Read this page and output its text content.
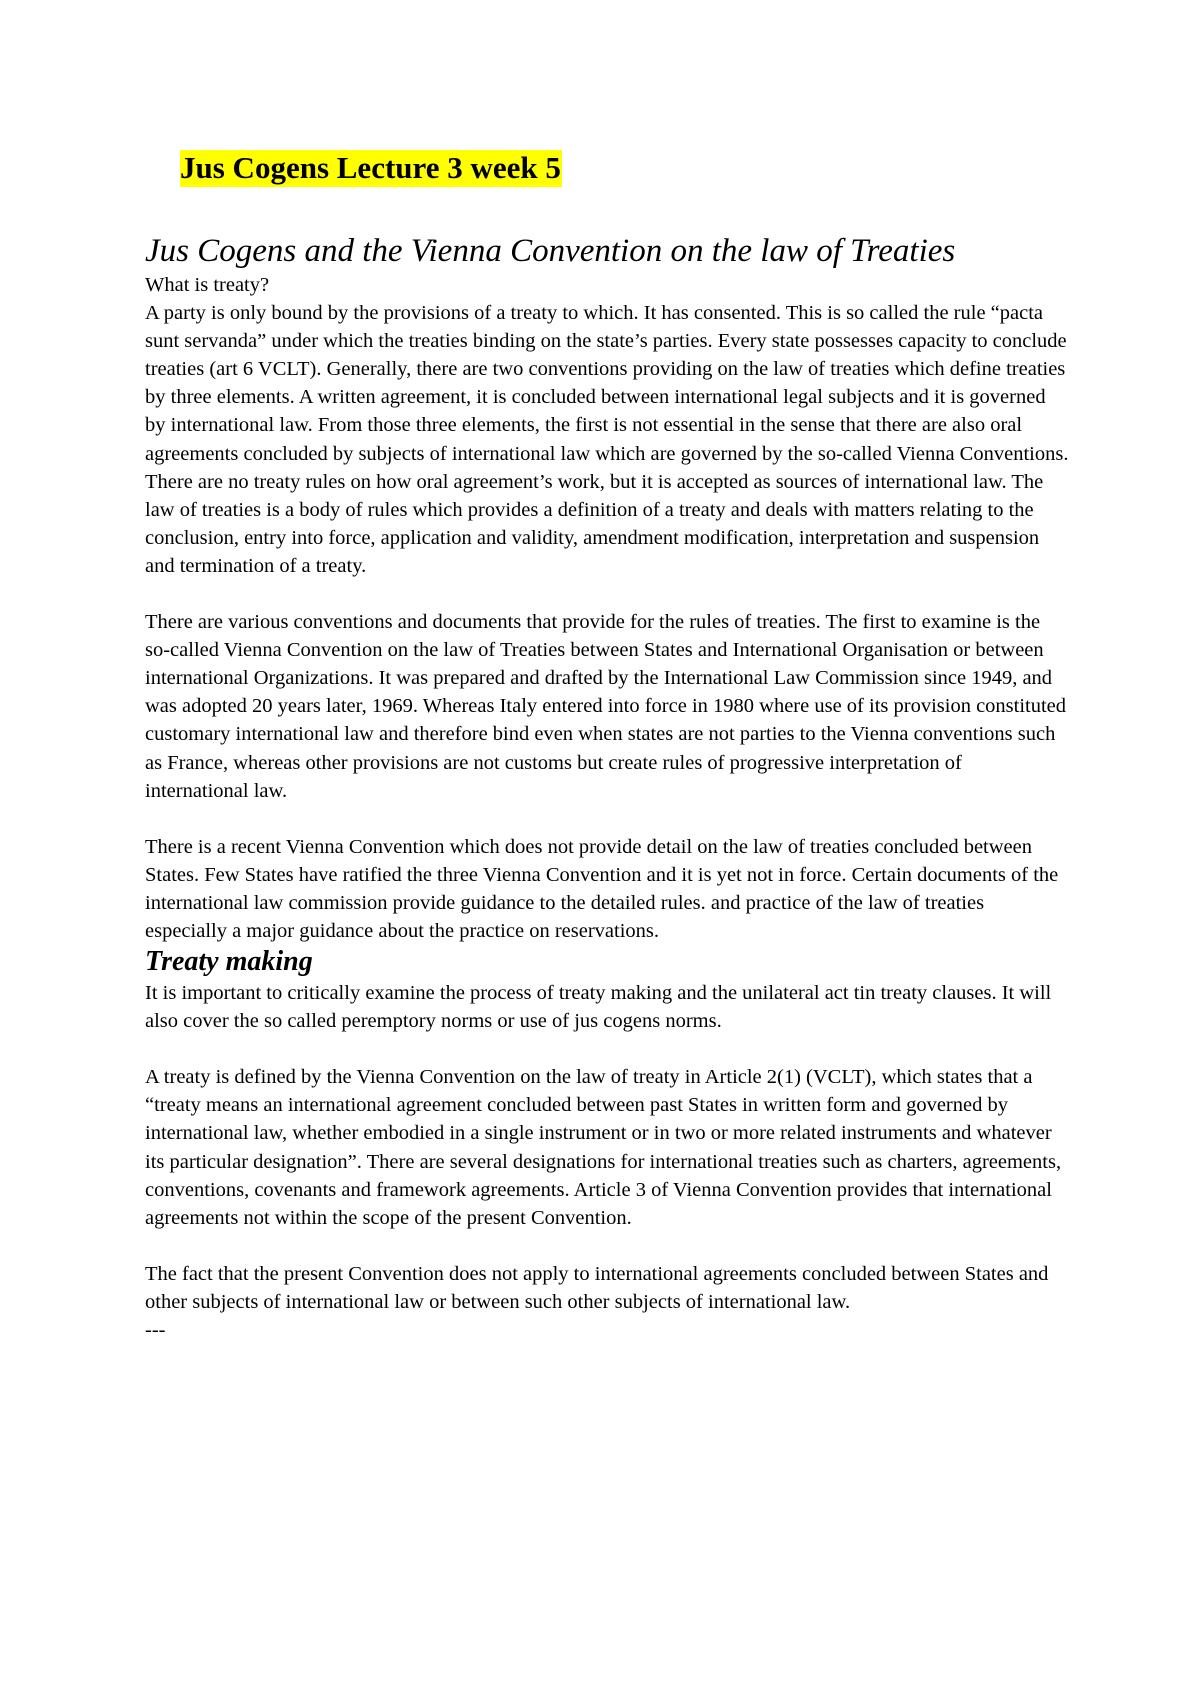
Jus Cogens Lecture 3 week 5
Jus Cogens and the Vienna Convention on the law of Treaties

What is treaty?

A party is only bound by the provisions of a treaty to which. It has consented. This is so called the rule “pacta sunt servanda” under which the treaties binding on the state’s parties. Every state possesses capacity to conclude treaties (art 6 VCLT). Generally, there are two conventions providing on the law of treaties which define treaties by three elements. A written agreement, it is concluded between international legal subjects and it is governed by international law. From those three elements, the first is not essential in the sense that there are also oral agreements concluded by subjects of international law which are governed by the so-called Vienna Conventions. There are no treaty rules on how oral agreement’s work, but it is accepted as sources of international law. The law of treaties is a body of rules which provides a definition of a treaty and deals with matters relating to the conclusion, entry into force, application and validity, amendment modification, interpretation and suspension and termination of a treaty.

There are various conventions and documents that provide for the rules of treaties. The first to examine is the so-called Vienna Convention on the law of Treaties between States and International Organisation or between international Organizations. It was prepared and drafted by the International Law Commission since 1949, and was adopted 20 years later, 1969. Whereas Italy entered into force in 1980 where use of its provision constituted customary international law and therefore bind even when states are not parties to the Vienna conventions such as France, whereas other provisions are not customs but create rules of progressive interpretation of international law.

There is a recent Vienna Convention which does not provide detail on the law of treaties concluded between States. Few States have ratified the three Vienna Convention and it is yet not in force. Certain documents of the international law commission provide guidance to the detailed rules. and practice of the law of treaties especially a major guidance about the practice on reservations.

Treaty making

It is important to critically examine the process of treaty making and the unilateral act tin treaty clauses. It will also cover the so called peremptory norms or use of jus cogens norms.

A treaty is defined by the Vienna Convention on the law of treaty in Article 2(1) (VCLT), which states that a “treaty means an international agreement concluded between past States in written form and governed by international law, whether embodied in a single instrument or in two or more related instruments and whatever its particular designation”. There are several designations for international treaties such as charters, agreements, conventions, covenants and framework agreements. Article 3 of Vienna Convention provides that international agreements not within the scope of the present Convention.

The fact that the present Convention does not apply to international agreements concluded between States and other subjects of international law or between such other subjects of international law.

---
